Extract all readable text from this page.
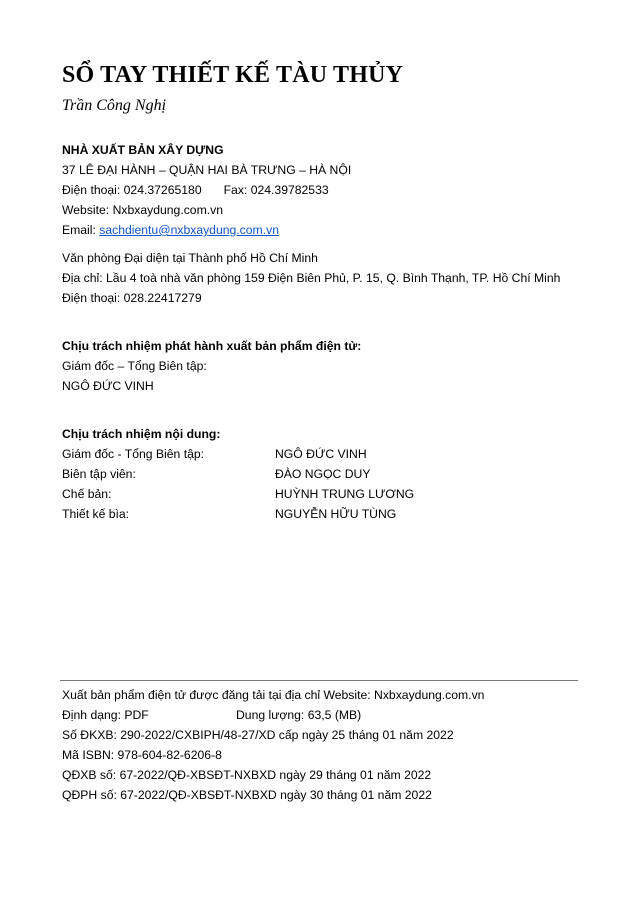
SỔ TAY THIẾT KẾ TÀU THỦY
Trần Công Nghị
NHÀ XUẤT BẢN XÂY DỰNG
37 LÊ ĐẠI HÀNH – QUẬN HAI BÀ TRƯNG – HÀ NỘI
Điện thoại: 024.37265180 Fax: 024.39782533
Website: Nxbxaydung.com.vn
Email: sachdientu@nxbxaydung.com.vn
Văn phòng Đại diện tại Thành phố Hồ Chí Minh
Địa chỉ: Lầu 4 toà nhà văn phòng 159 Điện Biên Phủ, P. 15, Q. Bình Thạnh, TP. Hồ Chí Minh
Điện thoại: 028.22417279
Chịu trách nhiệm phát hành xuất bản phẩm điện tử:
Giám đốc – Tổng Biên tập:
NGÔ ĐỨC VINH
Chịu trách nhiệm nội dung:
Giám đốc - Tổng Biên tập:	NGÔ ĐỨC VINH
Biên tập viên:	ĐÀO NGỌC DUY
Chế bản:	HUỲNH TRUNG LƯƠNG
Thiết kế bìa:	NGUYỄN HỮU TÙNG
Xuất bản phẩm điện tử được đăng tải tại địa chỉ Website: Nxbxaydung.com.vn
Định dạng: PDF	Dung lượng: 63,5 (MB)
Số ĐKXB: 290-2022/CXBIPH/48-27/XD cấp ngày 25 tháng 01 năm 2022
Mã ISBN: 978-604-82-6206-8
QĐXB số: 67-2022/QĐ-XBSĐT-NXBXD ngày 29 tháng 01 năm 2022
QĐPH số: 67-2022/QĐ-XBSĐT-NXBXD ngày 30 tháng 01 năm 2022
